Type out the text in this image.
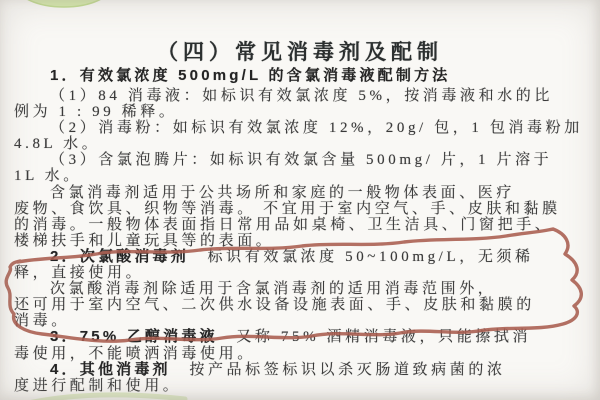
（四）常见消毒剂及配制
1．有效氯浓度 500mg/L 的含氯消毒液配制方法
（1）84 消毒液：如标识有效氯浓度 5%，按消毒液和水的比
例为 1 : 99 稀释。
（2）消毒粉：如标识有效氯浓度 12%，20g/ 包，1 包消毒粉加
4.8L 水。
（3）含氯泡腾片：如标识有效氯含量 500mg/ 片，1 片溶于
1L 水。
含氯消毒剂适用于公共场所和家庭的一般物体表面、医疗
废物、食饮具、织物等消毒。 不宜用于室内空气、手、皮肤和黏膜
的消毒。一般物体表面指日常用品如桌椅、卫生洁具、门窗把手、
楼梯扶手和儿童玩具等的表面。
2．次氯酸消毒剂　标识有效氯浓度 50~100mg/L，无须稀
释，直接使用。
次氯酸消毒剂除适用于含氯消毒剂的适用消毒范围外，
还可用于室内空气、二次供水设备设施表面、手、皮肤和黏膜的
消毒。
3．75% 乙醇消毒液　又称 75% 酒精消毒液，只能擦拭消
毒使用，不能喷洒消毒使用。
4．其他消毒剂　按产品标签标识以杀灭肠道致病菌的浓
度进行配制和使用。
